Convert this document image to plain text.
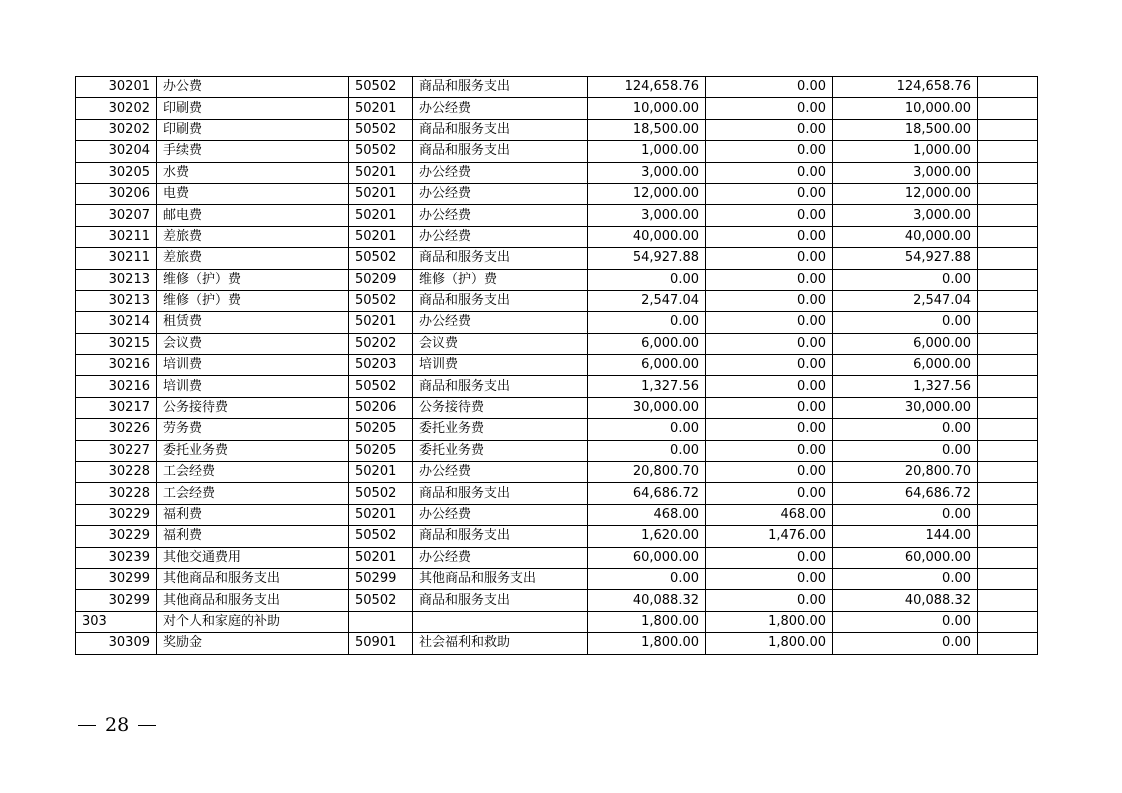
30201	办公费	50502	商品和服务支出	124,658.76	0.00	124,658.76	
30202	印刷费	50201	办公经费	10,000.00	0.00	10,000.00	
30202	印刷费	50502	商品和服务支出	18,500.00	0.00	18,500.00	
30204	手续费	50502	商品和服务支出	1,000.00	0.00	1,000.00	
30205	水费	50201	办公经费	3,000.00	0.00	3,000.00	
30206	电费	50201	办公经费	12,000.00	0.00	12,000.00	
30207	邮电费	50201	办公经费	3,000.00	0.00	3,000.00	
30211	差旅费	50201	办公经费	40,000.00	0.00	40,000.00	
30211	差旅费	50502	商品和服务支出	54,927.88	0.00	54,927.88	
30213	维修（护）费	50209	维修（护）费	0.00	0.00	0.00	
30213	维修（护）费	50502	商品和服务支出	2,547.04	0.00	2,547.04	
30214	租赁费	50201	办公经费	0.00	0.00	0.00	
30215	会议费	50202	会议费	6,000.00	0.00	6,000.00	
30216	培训费	50203	培训费	6,000.00	0.00	6,000.00	
30216	培训费	50502	商品和服务支出	1,327.56	0.00	1,327.56	
30217	公务接待费	50206	公务接待费	30,000.00	0.00	30,000.00	
30226	劳务费	50205	委托业务费	0.00	0.00	0.00	
30227	委托业务费	50205	委托业务费	0.00	0.00	0.00	
30228	工会经费	50201	办公经费	20,800.70	0.00	20,800.70	
30228	工会经费	50502	商品和服务支出	64,686.72	0.00	64,686.72	
30229	福利费	50201	办公经费	468.00	468.00	0.00	
30229	福利费	50502	商品和服务支出	1,620.00	1,476.00	144.00	
30239	其他交通费用	50201	办公经费	60,000.00	0.00	60,000.00	
30299	其他商品和服务支出	50299	其他商品和服务支出	0.00	0.00	0.00	
30299	其他商品和服务支出	50502	商品和服务支出	40,088.32	0.00	40,088.32	
303	对个人和家庭的补助			1,800.00	1,800.00	0.00	
30309	奖励金	50901	社会福利和救助	1,800.00	1,800.00	0.00	
28
